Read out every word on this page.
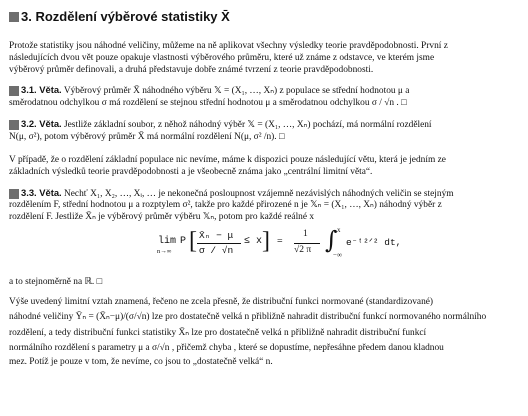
3. Rozdělení výběrové statistiky X̄
Protože statistiky jsou náhodné veličiny, můžeme na ně aplikovat všechny výsledky teorie pravděpodobnosti. První z
následujících dvou vět pouze opakuje vlastnosti výběrového průměru, které už známe z odstavce, ve kterém jsme
výběrový průměr definovali, a druhá představuje dobře známé tvrzení z teorie pravděpodobnosti.
3.1. Věta. Výběrový průměr X̄ náhodného výběru 𝕏 = (X₁, …, Xₙ) z populace se střední hodnotou μ a
směrodatnou odchylkou σ má rozdělení se stejnou střední hodnotou μ a směrodatnou odchylkou σ / √n . □
3.2. Věta. Jestliže základní soubor, z něhož náhodný výběr 𝕏 = (X₁, …, Xₙ) pochází, má normální rozdělení
N(μ, σ²), potom výběrový průměr X̄ má normální rozdělení N(μ, σ² /n). □
V případě, že o rozdělení základní populace nic nevíme, máme k dispozici pouze následující větu, která je jedním ze
základních výsledků teorie pravděpodobnosti a je všeobecně známa jako „centrální limitní věta“.
3.3. Věta. Nechť X₁, X₂, …, Xᵢ, … je nekonečná posloupnost vzájemně nezávislých náhodných veličin se stejným
rozdělením F, střední hodnotou μ a rozptylem σ², takže pro každé přirozené n je 𝕏ₙ = (X₁, …, Xₙ) náhodný výběr z
rozdělení F. Jestliže X̄ₙ je výběrový průměr výběru 𝕏ₙ, potom pro každé reálné x
lim
n→∞
P [ X̄ₙ − μ
σ / √n
≤ x ] =
1
√2 π ∫ x
−∞
e⁻ᵗ²ᐟ² dt,
a to stejnoměrně na ℝ. □
Výše uvedený limitní vztah znamená, řečeno ne zcela přesně, že distribuční funkci normované (standardizované)
náhodné veličiny Ȳₙ = (X̄ₙ−μ)/(σ/√n) lze pro dostatečně velká n přibližně nahradit distribuční funkcí normovaného normálního
rozdělení, a tedy distribuční funkci statistiky X̄ₙ lze pro dostatečně velká n přibližně nahradit distribuční funkcí
normálního rozdělení s parametry μ a σ/√n , přičemž chyba , které se dopustíme, nepřesáhne předem danou kladnou
mez. Potíž je pouze v tom, že nevíme, co jsou to „dostatečně velká“ n.
